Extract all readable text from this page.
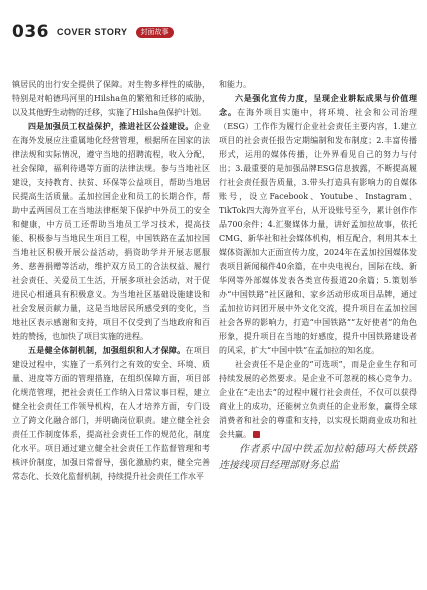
036 COVER STORY	封面故事

镇居民的出行安全提供了保障。对生物多样性的威胁，特别是对帕德玛河里的Hilsha鱼的繁殖和迁移的威胁，以及其他野生动物的迁移，实施了Hilsha鱼保护计划。

四是加强员工权益保护，推进社区公益建设。企业在海外发展应注重属地化经营管理，根据所在国家的法律法规和实际情况，遵守当地的招聘流程，收入分配，社会保障，福利待遇等方面的法律法规。参与当地社区建设，支持教育、扶贫、环保等公益项目，帮助当地居民提高生活质量。孟加拉国企业和员工的长期合作，帮助中孟两国员工在当地法律框架下保护中外员工的安全和健康，中方员工还帮助当地员工学习技术，提高技能、积极参与当地民生项目工程，中国铁路在孟加拉国当地社区积极开展公益活动，捐资助学并开展志愿服务、慈善捐赠等活动，维护双方员工的合法权益、履行社会责任、关爱员工生活，开展多项社会活动，对于促进民心相通具有积极意义。为当地社区基础设施建设和社会发展贡献力量，这是当地居民所感受到的变化，当地社区表示感谢和支持，项目不仅受到了当地政府和百姓的赞扬，也加快了项目实施的进程。

五是健全体制机制，加强组织和人才保障。在项目建设过程中，实施了一系列行之有效的安全、环境、质量、进度等方面的管理措施，在组织保障方面，项目部化规范管理，把社会责任工作纳入日常议事日程，建立健全社会责任工作领导机构，在人才培养方面，专门设立了跨文化融合部门，并明确岗位职责。建立健全社会责任工作制度体系，提高社会责任工作的规范化，制度化水平。项目通过建立健全社会责任工作监督管理和考核评价制度，加强日常督导，强化激励约束，健全完善常态化、长效化监督机制，持续提升社会责任工作水平

和能力。

六是强化宣传力度，呈现企业耕耘成果与价值理念。在海外项目实施中，将环境、社会和公司治理（ESG）工作作为履行企业社会责任主要内容，1.建立项目的社会责任报告定期编制和发布制度；2.丰富传播形式，运用的媒体传播，让外界看见自己的努力与付出；3.最重要的是加强品牌ESG信息披露，不断提高履行社会责任报告质量，3.带头打造具有影响力的自媒体账号，设立Facebook、Youtube、Instagram、TikTok四大海外宣平台，从开设账号至今，累计创作作品700余件；4.汇聚媒体力量，讲好孟加拉故事，依托CMG、新华社和社会媒体机构，相互配合，利用其本土媒体资源加大正面宣传力度，2024年在孟加拉国媒体发表项目新闻稿件40余篇，在中央电视台，国际在线、新华网等外部媒体发表各类宣传报道20余篇；5.策划举办“中国铁路”社区融和、家乡活动形成项目品牌，通过孟加拉访问团开展中外文化交流，提升项目在孟加拉国社会各界的影响力，打造“中国铁路”“友好使者”的角色形象，提升项目在当地的好感度，提升中国铁路建设者的风采，扩大“中国中铁”在孟加拉的知名度。

社会责任不是企业的“可选项”，而是企业生存和可持续发展的必然要求。是企业不可忽视的核心竞争力。企业在“走出去”的过程中履行社会责任，不仅可以获得商业上的成功，还能树立负责任的企业形象，赢得全球消费者和社会的尊重和支持，以实现长期商业成功和社会共赢。

作者系中国中铁孟加拉帕德玛大桥铁路连接线项目经理部财务总监
